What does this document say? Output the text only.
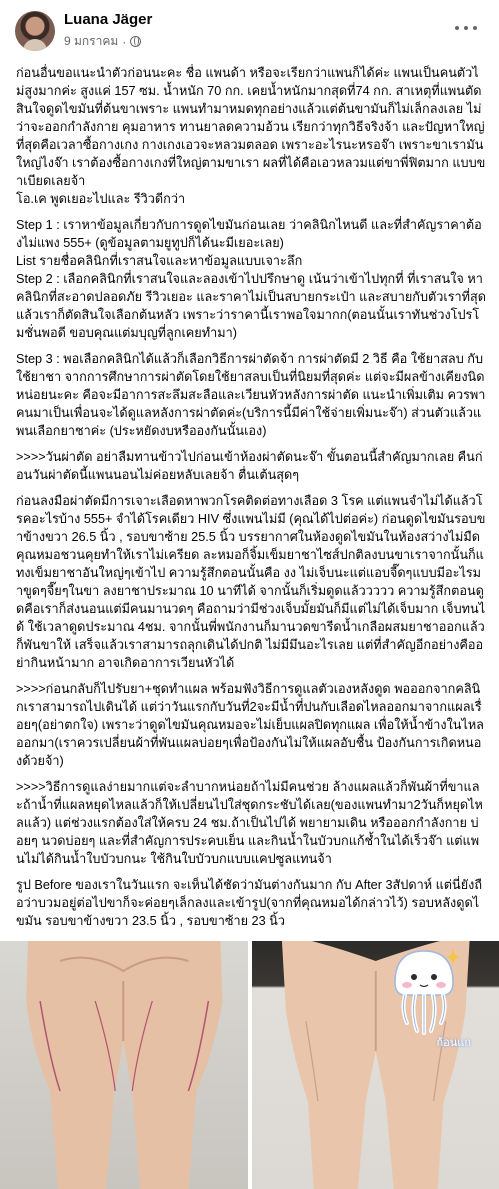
Luana Jäger
9 มกราคม ·

ก่อนอื่นขอแนะนำตัวก่อนนะคะ ชื่อ แพนด้า หรือจะเรียกว่าแพนก็ได้ค่ะ แพนเป็นคนตัวไม่สูงมากค่ะ สูงแค่ 157 ซม. น้ำหนัก 70 กก. เคยน้ำหนักมากสุดที่74 กก. สาเหตุที่แพนตัดสินใจดูดไขมันที่ต้นขาเพราะ แพนทำมาหมดทุกอย่างแล้วแต่ต้นขามันก็ไม่เล็กลงเลย ไม่ว่าจะออกกำลังกาย คุมอาหาร ทานยาลดความอ้วน เรียกว่าทุกวิธีจริงจ้า และปัญหาใหญ่ที่สุดคือเวลาซื้อกางเกง กางเกงเอวจะหลวมตลอด เพราะอะไรนะหรอจ๊า เพราะขาเรามันใหญ่ไงจ๊า เราต้องซื้อกางเกงที่ใหญ่ตามขาเรา ผลที่ได้คือเอวหลวมแต่ขาพี่ฟิตมาก แบบขาเบียดเลยจ้า
โอ.เค พูดเยอะไปและ รีวิวดีกว่า

Step 1 : เราหาข้อมูลเกี่ยวกับการดูดไขมันก่อนเลย ว่าคลินิกไหนดี และที่สำคัญราคาต้องไม่แพง 555+ (ดูข้อมูลตามยูทูปก็ได้นะมีเยอะเลย)
List รายชื่อคลินิกที่เราสนใจและหาข้อมูลแบบเจาะลึก
Step 2 : เลือกคลินิกที่เราสนใจและลองเข้าไปปรึกษาดู เน้นว่าเข้าไปทุกที่ ที่เราสนใจ หาคลินิกที่สะอาดปลอดภัย รีวิวเยอะ และราคาไม่เป็นสบายกระเป๋า และสบายกับตัวเราที่สุด แล้วเราก็ตัดสินใจเลือกต้นหลัว เพราะว่าราคานี้เราพอใจมากก(ตอนนั้นเราทันช่วงโปรโมชั่นพอดี ขอบคุณแต่มบุญที่ลูกเคยทำมา)

Step 3 : พอเลือกคลินิกได้แล้วก็เลือกวิธีการผ่าตัดจ้า การผ่าตัดมี 2 วิธี คือ ใช้ยาสลบ กับใช้ยาชา จากการศึกษาการผ่าตัดโดยใช้ยาสลบเป็นที่นิยมที่สุดค่ะ แต่จะมีผลข้างเคียงนิดหน่อยนะคะ คือจะมีอาการสะลึมสะลือและเวียนหัวหลังการผ่าตัด แนะนำเพิ่มเติม ควรพาคนมาเป็นเพื่อนจะได้ดูแลหลังการผ่าตัดค่ะ(บริการนี้มีค่าใช้จ่ายเพิ่มนะจ๊า) ส่วนตัวแล้วแพนเลือกยาชาค่ะ (ประหยัดงบหรือองกันนั้นเอง)

>>>>วันผ่าตัด อย่าลืมทานข้าวไปก่อนเข้าห้องผ่าตัดนะจ๊า ขั้นตอนนี้สำคัญมากเลย คืนก่อนวันผ่าตัดนี้แพนนอนไม่ค่อยหลับเลยจ้า ตื่นเต้นสุดๆ

ก่อนลงมือผ่าตัดมีการเจาะเลือดหาพวกโรคติดต่อทางเลือด 3 โรค แต่แพนจำไม่ได้แล้วโรคอะไรบ้าง 555+ จำได้โรคเดียว HIV ซึ่งแพนไม่มี (คุณได้ไปต่อค่ะ) ก่อนดูดไขมันรอบขาข้างขวา 26.5 นิ้ว , รอบขาซ้าย 25.5 นิ้ว บรรยากาศในห้องดูดไขมันในห้องสว่างไม่มืด คุณหมอชวนคุยทำให้เราไม่เครียด ละหมอก็จิ้มเข็มยาชาไซส์ปกติลงบนขาเราจากนั้นก็แทงเข็มยาชาอันใหญ่ๆเข้าไป ความรู้สึกตอนนั้นคือ งง ไม่เจ็บนะแต่แอบจี๊ดๆแบบมีอะไรมาขูดๆจี๊ยๆในขา ลงยาชาประมาณ 10 นาทีได้ จากนั้นก็เริ่มดูดแล้ววววว ความรู้สึกตอนดูดคือเราก็ส่งนอนแต่มีคนมานวดๆ คือถามว่ามีช่วงเจ็บมั้ยมันก็มีแต่ไม่ได้เจ็บมาก เจ็บทนได้ ใช้เวลาดูดประมาณ 4ชม. จากนั้นพี่พนักงานก็มานวดขารีดน้ำเกลือผสมยาชาออกแล้วก็พันขาให้ เสร็จแล้วเราสามารถลุกเดินได้ปกติ ไม่มีมึนอะไรเลย แต่ที่สำคัญอีกอย่างคืออย่ากินหน้ามาก อาจเกิดอาการเวียนหัวได้

>>>>ก่อนกลับก็ไปรับยา+ชุดทำแผล พร้อมฟังวิธีการดูแลตัวเองหลังดูด พอออกจากคลินิกเราสามารถไปเดินได้ แต่ว่าวันแรกกับวันที่2จะมีน้ำที่ปนกับเลือดไหลออกมาจากแผลเรื่อยๆ(อย่าตกใจ) เพราะว่าดูดไขมันคุณหมอจะไม่เย็บแผลปิดทุกแผล เพื่อให้น้ำข้างในไหลออกมา(เราควรเปลี่ยนผ้าที่พันแผลบ่อยๆเพื่อป้องกันไม่ให้แผลอับชื้น ป้องกันการเกิดหนองด้วยจ้า)

>>>>วิธีการดูแลง่ายมากแต่จะลำบากหน่อยถ้าไม่มีคนช่วย ล้างแผลแล้วก็พันผ้าที่ขาและถ้าน้ำที่แผลหยุดไหลแล้วก็ให้เปลี่ยนไปใส่ชุดกระชับได้เลย(ของแพนทำมา2วันก็หยุดไหลแล้ว) แต่ช่วงแรกต้องใส่ให้ครบ 24 ชม.ถ้าเป็นไปได้ พยายามเดิน หรือออกกำลังกาย บ่อยๆ นวดบ่อยๆ และที่สำคัญการประคบเย็น และกินน้ำในบัวบกแก้ช้ำในได้เร็วจ๊า แต่แพนไม่ได้กินน้ำใบบัวบกนะ ใช้กินใบบัวบกแบบแคปซูลแทนจ้า

รูป Before ของเราในวันแรก จะเห็นได้ชัดว่ามันต่างกันมาก กับ After 3สัปดาห์ แต่นี่ยังถือว่าบวมอยู่ต่อไปขาก็จะค่อยๆเล็กลงและเข้ารูป(จากที่คุณหมอได้กล่าวไว้) รอบหลังดูดไขมัน รอบขาข้างขวา 23.5 นิ้ว , รอบขาซ้าย 23 นิ้ว

ก้อนแก
